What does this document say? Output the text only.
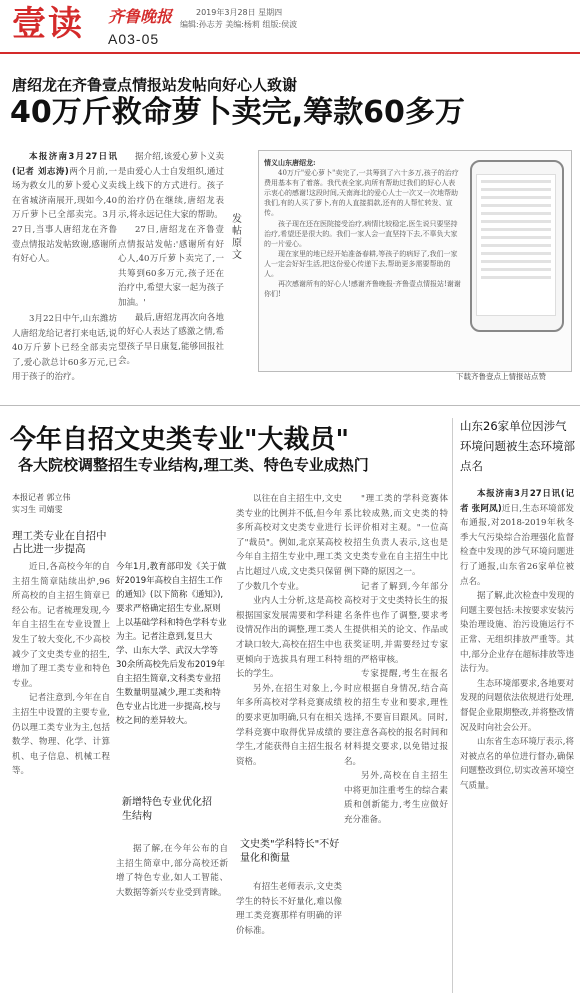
壹读 齐鲁晚报	2019年3月28日 星期四
编辑:孙志芳 美编:杨莉 组版:侯波
A03-05
唐绍龙在齐鲁壹点情报站发帖向好心人致谢
40万斤救命萝卜卖完,筹款60多万

本报济南3月27日讯(记者 刘志涛)两个月前,一场为救女儿的萝卜爱心义卖在省城济南展开,现如今,40万斤萝卜已全部卖完。3月27日,当事人唐绍龙在齐鲁壹点情报站发帖致谢,感谢所有好心人。

3月22日中午,山东潍坊人唐绍龙给记者打来电话,说40万斤萝卜已经全部卖完了,爱心款总计60多万元,已用于孩子的治疗。

据介绍,该爱心萝卜义卖是由爱心人士自发组织,通过线上线下的方式进行。孩子的治疗仍在继续,唐绍龙表示,将永远记住大家的帮助。

27日,唐绍龙在齐鲁壹点情报站发帖:'感谢所有好心人,40万斤萝卜卖完了,一共筹到60多万元,孩子还在治疗中,希望大家一起为孩子加油。'

最后,唐绍龙再次向各地的好心人表达了感激之情,希望孩子早日康复,能够回报社会。

发帖原文

情义山东唐绍龙:

40万斤"爱心萝卜"卖完了,一共筹到了六十多万,孩子的治疗费用基本有了着落。我代表全家,向所有帮助过我们的好心人表示衷心的感谢!这段时间,天南海北的爱心人士一次又一次地帮助我们,有的人买了萝卜,有的人直接捐款,还有的人帮忙转发、宣传。

孩子现在还在医院接受治疗,病情比较稳定,医生说只要坚持治疗,希望还是很大的。我们一家人会一直坚持下去,不辜负大家的一片爱心。

现在家里的地已经开始准备春耕,等孩子的病好了,我们一家人一定会好好生活,把这份爱心传递下去,帮助更多需要帮助的人。

再次感谢所有的好心人!感谢齐鲁晚报·齐鲁壹点情报站!谢谢你们!

下载齐鲁壹点上情报站点赞
今年自招文史类专业"大裁员"
各大院校调整招生专业结构,理工类、特色专业成热门
本报记者 郭立伟
实习生 司婧雯
理工类专业在自招中占比进一步提高

近日,各高校今年的自主招生简章陆续出炉,96所高校的自主招生简章已经公布。记者梳理发现,今年自主招生在专业设置上发生了较大变化,不少高校减少了文史类专业的招生,增加了理工类专业和特色专业。

记者注意到,今年在自主招生中设置的主要专业,仍以理工类专业为主,包括数学、物理、化学、计算机、电子信息、机械工程等。

今年1月,教育部印发《关于做好2019年高校自主招生工作的通知》(以下简称《通知》),要求严格确定招生专业,原则上以基础学科和特色学科专业为主。记者注意到,复旦大学、山东大学、武汉大学等30余所高校先后发布2019年自主招生简章,文科类专业招生数量明显减少,理工类和特色专业占比进一步提高,校与校之间的差异较大。
新增特色专业优化招生结构

据了解,在今年公布的自主招生简章中,部分高校还新增了特色专业,如人工智能、大数据等新兴专业受到青睐。

以往在自主招生中,文史类专业的比例并不低,但今年多所高校对文史类专业进行了"裁员"。例如,北京某高校今年自主招生专业中,理工类占比超过八成,文史类只保留了少数几个专业。

业内人士分析,这是高校根据国家发展需要和学科建设情况作出的调整,理工类人才缺口较大,高校在招生中也更倾向于选拔具有理工科特长的学生。

另外,在招生对象上,今年多所高校对学科竞赛成绩的要求更加明确,只有在相关学科竞赛中取得优异成绩的学生,才能获得自主招生报名资格。

文史类"学科特长"不好量化和衡量

有招生老师表示,文史类学生的特长不好量化,难以像理工类竞赛那样有明确的评价标准。

"理工类的学科竞赛体系比较成熟,而文史类的特长评价相对主观。"一位高校招生负责人表示,这也是文史类专业在自主招生中比例下降的原因之一。

记者了解到,今年部分高校对于文史类特长生的报名条件也作了调整,要求考生提供相关的论文、作品或获奖证明,并需要经过专家组的严格审核。

专家提醒,考生在报名时应根据自身情况,结合高校的招生专业和要求,理性选择,不要盲目跟风。同时,要注意各高校的报名时间和材料提交要求,以免错过报名。

另外,高校在自主招生中将更加注重考生的综合素质和创新能力,考生应做好充分准备。

山东26家单位因涉气环境问题被生态环境部点名

本报济南3月27日讯(记者 张阿凤)近日,生态环境部发布通报,对2018-2019年秋冬季大气污染综合治理强化监督检查中发现的涉气环境问题进行了通报,山东省26家单位被点名。

据了解,此次检查中发现的问题主要包括:未按要求安装污染治理设施、治污设施运行不正常、无组织排放严重等。其中,部分企业存在超标排放等违法行为。

生态环境部要求,各地要对发现的问题依法依规进行处理,督促企业限期整改,并将整改情况及时向社会公开。

山东省生态环境厅表示,将对被点名的单位进行督办,确保问题整改到位,切实改善环境空气质量。
